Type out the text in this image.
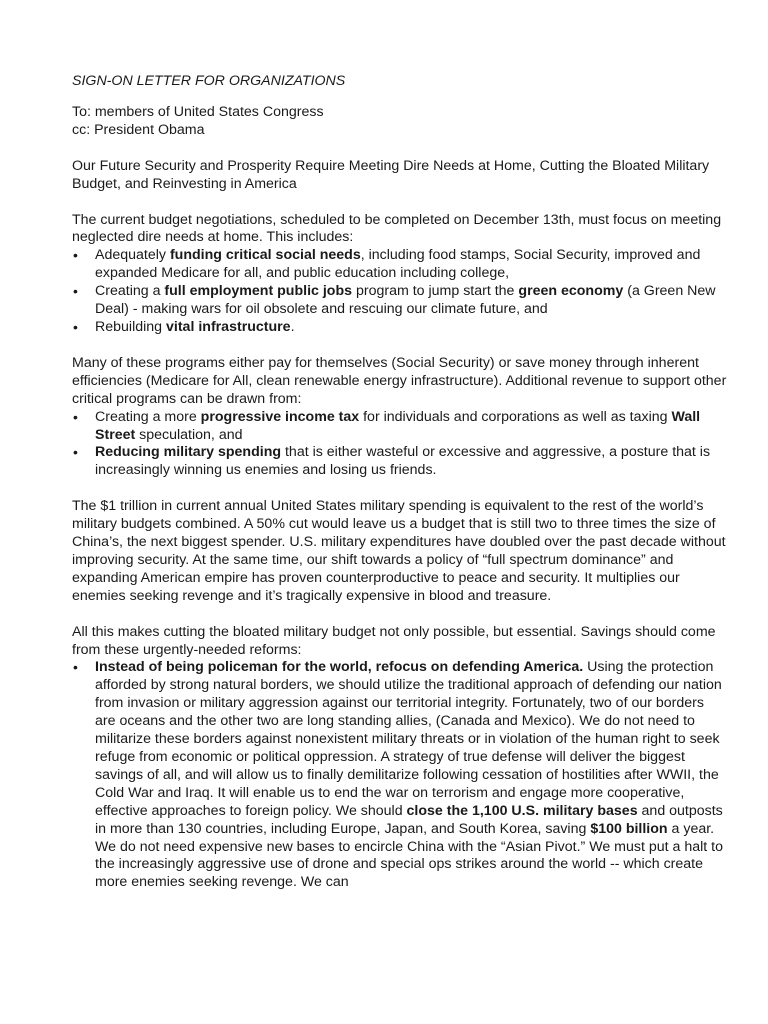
SIGN-ON LETTER FOR ORGANIZATIONS

To: members of United States Congress

cc: President Obama

Our Future Security and Prosperity Require Meeting Dire Needs at Home, Cutting the Bloated Military Budget, and Reinvesting in America

The current budget negotiations, scheduled to be completed on December 13th, must focus on meeting neglected dire needs at home. This includes:

• Adequately funding critical social needs, including food stamps, Social Security, improved and expanded Medicare for all, and public education including college,
• Creating a full employment public jobs program to jump start the green economy (a Green New Deal) - making wars for oil obsolete and rescuing our climate future, and
• Rebuilding vital infrastructure.

Many of these programs either pay for themselves (Social Security) or save money through inherent efficiencies (Medicare for All, clean renewable energy infrastructure). Additional revenue to support other critical programs can be drawn from:

• Creating a more progressive income tax for individuals and corporations as well as taxing Wall Street speculation, and
• Reducing military spending that is either wasteful or excessive and aggressive, a posture that is increasingly winning us enemies and losing us friends.

The $1 trillion in current annual United States military spending is equivalent to the rest of the world’s military budgets combined. A 50% cut would leave us a budget that is still two to three times the size of China’s, the next biggest spender. U.S. military expenditures have doubled over the past decade without improving security. At the same time, our shift towards a policy of “full spectrum dominance” and expanding American empire has proven counterproductive to peace and security. It multiplies our enemies seeking revenge and it’s tragically expensive in blood and treasure.

All this makes cutting the bloated military budget not only possible, but essential. Savings should come from these urgently-needed reforms:

• Instead of being policeman for the world, refocus on defending America. Using the protection afforded by strong natural borders, we should utilize the traditional approach of defending our nation from invasion or military aggression against our territorial integrity. Fortunately, two of our borders are oceans and the other two are long standing allies, (Canada and Mexico). We do not need to militarize these borders against nonexistent military threats or in violation of the human right to seek refuge from economic or political oppression. A strategy of true defense will deliver the biggest savings of all, and will allow us to finally demilitarize following cessation of hostilities after WWII, the Cold War and Iraq. It will enable us to end the war on terrorism and engage more cooperative, effective approaches to foreign policy. We should close the 1,100 U.S. military bases and outposts in more than 130 countries, including Europe, Japan, and South Korea, saving $100 billion a year. We do not need expensive new bases to encircle China with the “Asian Pivot.” We must put a halt to the increasingly aggressive use of drone and special ops strikes around the world -- which create more enemies seeking revenge. We can
